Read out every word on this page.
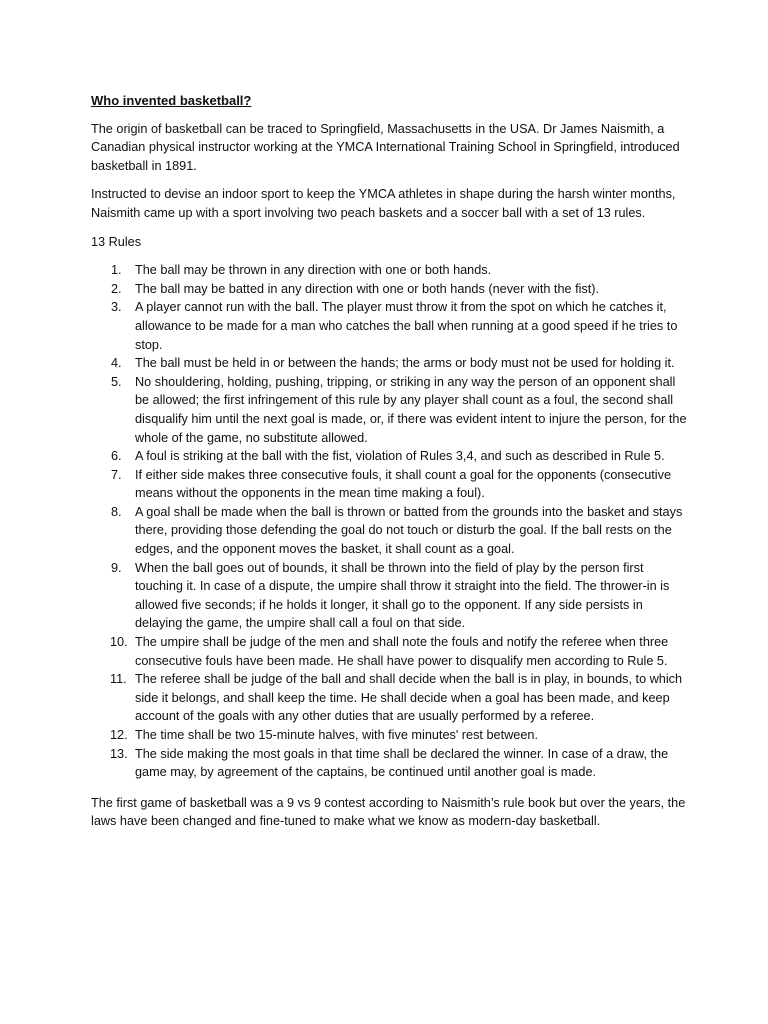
Who invented basketball?

The origin of basketball can be traced to Springfield, Massachusetts in the USA. Dr James Naismith, a Canadian physical instructor working at the YMCA International Training School in Springfield, introduced basketball in 1891.

Instructed to devise an indoor sport to keep the YMCA athletes in shape during the harsh winter months, Naismith came up with a sport involving two peach baskets and a soccer ball with a set of 13 rules.

13 Rules

1.	The ball may be thrown in any direction with one or both hands.
2.	The ball may be batted in any direction with one or both hands (never with the fist).
3.	A player cannot run with the ball. The player must throw it from the spot on which he catches it, allowance to be made for a man who catches the ball when running at a good speed if he tries to stop.
4.	The ball must be held in or between the hands; the arms or body must not be used for holding it.
5.	No shouldering, holding, pushing, tripping, or striking in any way the person of an opponent shall be allowed; the first infringement of this rule by any player shall count as a foul, the second shall disqualify him until the next goal is made, or, if there was evident intent to injure the person, for the whole of the game, no substitute allowed.
6.	A foul is striking at the ball with the fist, violation of Rules 3,4, and such as described in Rule 5.
7.	If either side makes three consecutive fouls, it shall count a goal for the opponents (consecutive means without the opponents in the mean time making a foul).
8.	A goal shall be made when the ball is thrown or batted from the grounds into the basket and stays there, providing those defending the goal do not touch or disturb the goal. If the ball rests on the edges, and the opponent moves the basket, it shall count as a goal.
9.	When the ball goes out of bounds, it shall be thrown into the field of play by the person first touching it. In case of a dispute, the umpire shall throw it straight into the field. The thrower-in is allowed five seconds; if he holds it longer, it shall go to the opponent. If any side persists in delaying the game, the umpire shall call a foul on that side.
10. The umpire shall be judge of the men and shall note the fouls and notify the referee when three consecutive fouls have been made. He shall have power to disqualify men according to Rule 5.
11. The referee shall be judge of the ball and shall decide when the ball is in play, in bounds, to which side it belongs, and shall keep the time. He shall decide when a goal has been made, and keep account of the goals with any other duties that are usually performed by a referee.
12. The time shall be two 15-minute halves, with five minutes' rest between.
13. The side making the most goals in that time shall be declared the winner. In case of a draw, the game may, by agreement of the captains, be continued until another goal is made.

The first game of basketball was a 9 vs 9 contest according to Naismith’s rule book but over the years, the laws have been changed and fine-tuned to make what we know as modern-day basketball.
